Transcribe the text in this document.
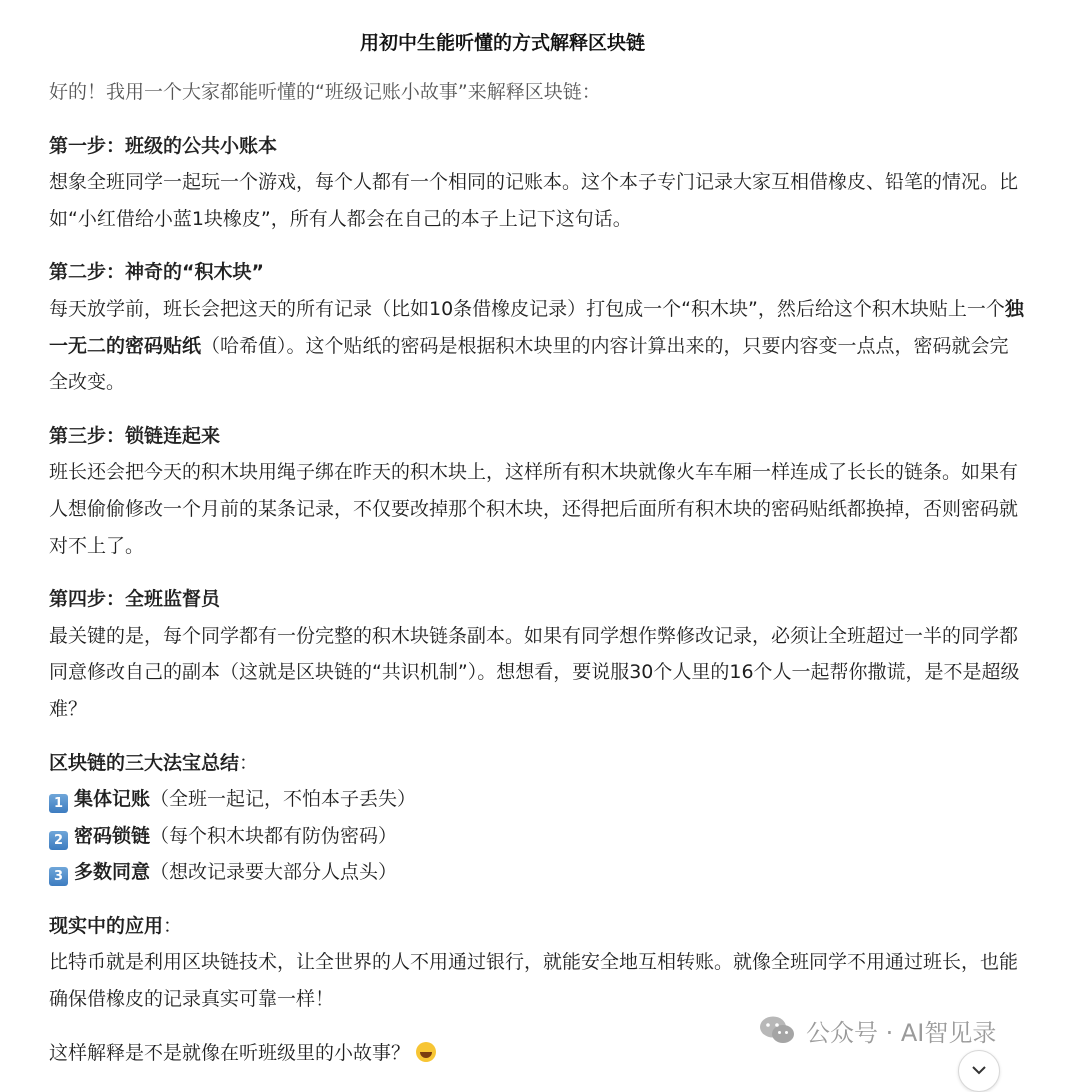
用初中生能听懂的方式解释区块链

好的！我用一个大家都能听懂的“班级记账小故事”来解释区块链：

第一步：班级的公共小账本

想象全班同学一起玩一个游戏，每个人都有一个相同的记账本。这个本子专门记录大家互相借橡皮、铅笔的情况。比如“小红借给小蓝1块橡皮”，所有人都会在自己的本子上记下这句话。

第二步：神奇的“积木块”

每天放学前，班长会把这天的所有记录（比如10条借橡皮记录）打包成一个“积木块”，然后给这个积木块贴上一个独一无二的密码贴纸（哈希值）。这个贴纸的密码是根据积木块里的内容计算出来的，只要内容变一点点，密码就会完全改变。

第三步：锁链连起来

班长还会把今天的积木块用绳子绑在昨天的积木块上，这样所有积木块就像火车车厢一样连成了长长的链条。如果有人想偷偷修改一个月前的某条记录，不仅要改掉那个积木块，还得把后面所有积木块的密码贴纸都换掉，否则密码就对不上了。

第四步：全班监督员

最关键的是，每个同学都有一份完整的积木块链条副本。如果有同学想作弊修改记录，必须让全班超过一半的同学都同意修改自己的副本（这就是区块链的“共识机制”）。想想看，要说服30个人里的16个人一起帮你撒谎，是不是超级难？

区块链的三大法宝总结：

1 集体记账（全班一起记，不怕本子丢失）

2 密码锁链（每个积木块都有防伪密码）

3 多数同意（想改记录要大部分人点头）

现实中的应用：

比特币就是利用区块链技术，让全世界的人不用通过银行，就能安全地互相转账。就像全班同学不用通过班长，也能确保借橡皮的记录真实可靠一样！

这样解释是不是就像在听班级里的小故事？

公众号 · AI智见录
